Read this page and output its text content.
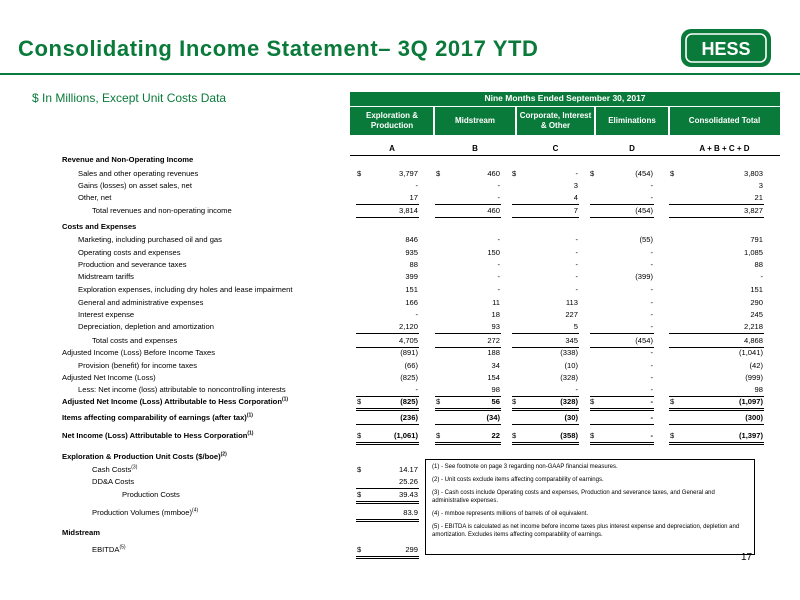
Consolidating Income Statement– 3Q 2017 YTD	HESS
$ In Millions, Except Unit Costs Data	Nine Months Ended September 30, 2017
Exploration & Production
Midstream
Corporate, Interest & Other
Eliminations	Consolidated Total
A	B	C	D	A + B + C + D
Revenue and Non-Operating Income
Sales and other operating revenues	$	3,797 $	460 $	- $	(454) $	3,803
Gains (losses) on asset sales, net	-	-	3	-	3
Other, net	17	-	4	-	21
Total revenues and non-operating income	3,814	460	7	(454)	3,827
Costs and Expenses
Marketing, including purchased oil and gas	846	-	-	(55)	791
Operating costs and expenses	935	150	-	-	1,085
Production and severance taxes	88	-	-	-	88
Midstream tariffs	399	-	-	(399)	-
Exploration expenses, including dry holes and lease impairment	151	-	-	-	151
General and administrative expenses	166	11	113	-	290
Interest expense	-	18	227	-	245
Depreciation, depletion and amortization	2,120	93	5	-	2,218
Total costs and expenses	4,705	272	345	(454)	4,868
Adjusted Income (Loss) Before Income Taxes	(891)	188	(338)	-	(1,041)
Provision (benefit) for income taxes	(66)	34	(10)	-	(42)
Adjusted Net Income (Loss)	(825)	154	(328)	-	(999)
Less: Net income (loss) attributable to noncontrolling interests	-	98	-	-	98
Adjusted Net Income (Loss) Attributable to Hess Corporation$^{(1)}$	$	(825) $	56 $	(328) $	- $	(1,097)
Items affecting comparability of earnings (after tax)$^{(1)}$	(236)	(34)	(30)	-	(300)
Net Income (Loss) Attributable to Hess Corporation$^{(1)}$	$	(1,061) $	22 $	(358) $	- $	(1,397)
Exploration & Production Unit Costs ($/boe)$^{(2)}$
Cash Costs$^{(3)}$	$	14.17
DD&A Costs	25.26
Production Costs	$	39.43
Production Volumes (mmboe)$^{(4)}$	83.9
Midstream
EBITDA$^{(5)}$	$	299

(1) - See footnote on page 3 regarding non-GAAP financial measures.

(2) - Unit costs exclude items affecting comparability of earnings.

(3) - Cash costs include Operating costs and expenses, Production and severance taxes, and General and administrative expenses.

(4) - mmboe represents millions of barrels of oil equivalent.

(5) - EBITDA is calculated as net income before income taxes plus interest expense and depreciation, depletion and amortization. Excludes items affecting comparability of earnings.

17
